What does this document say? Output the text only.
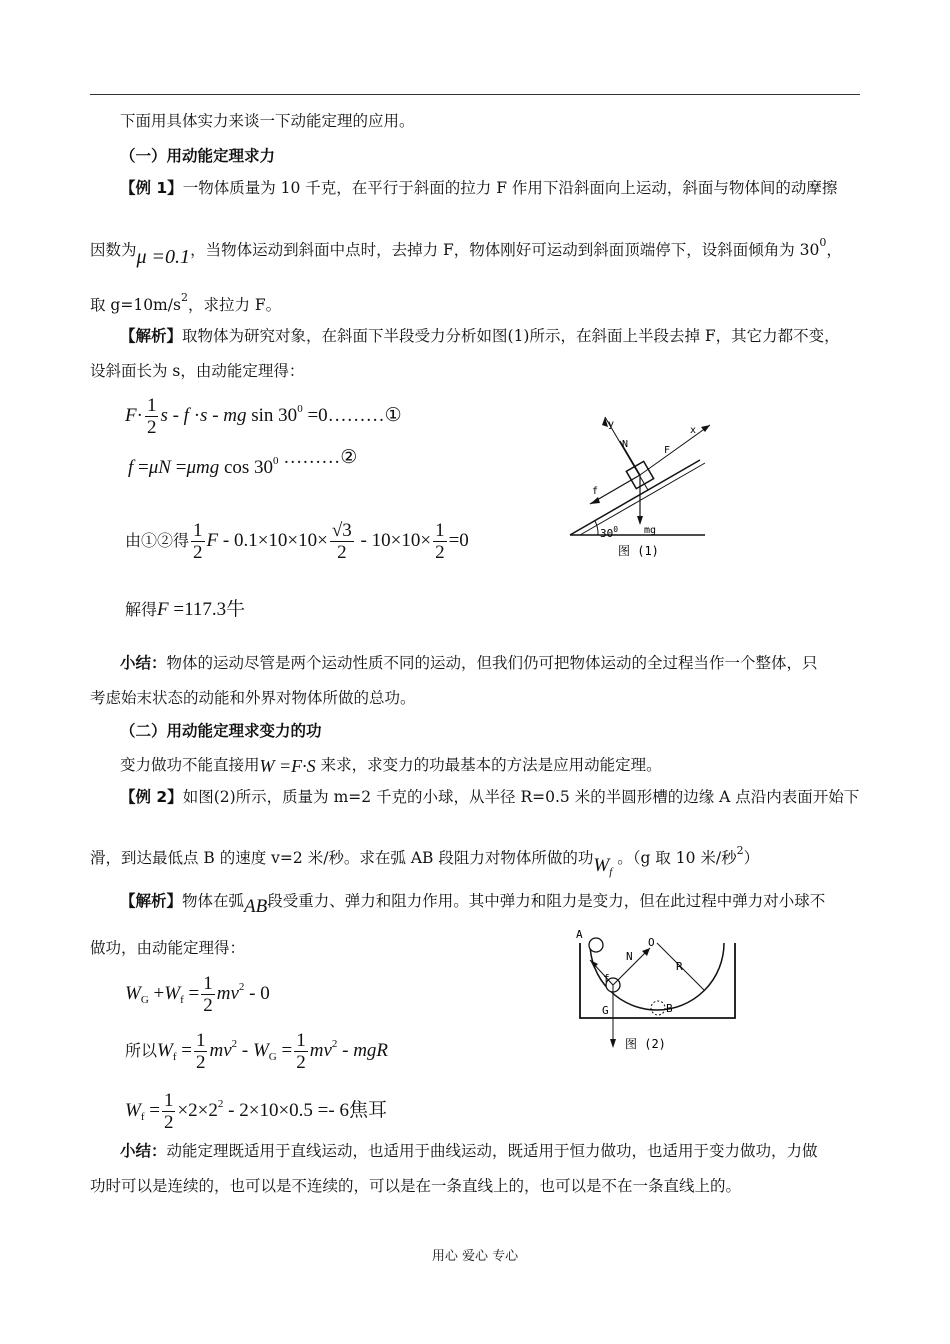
下面用具体实力来谈一下动能定理的应用。
（一）用动能定理求力
【例 1】一物体质量为 10 千克，在平行于斜面的拉力 F 作用下沿斜面向上运动，斜面与物体间的动摩擦
因数为μ =0.1，当物体运动到斜面中点时，去掉力 F，物体刚好可运动到斜面顶端停下，设斜面倾角为 $30^0$，
取 $g=10m/s^2$，求拉力 F。
【解析】取物体为研究对象，在斜面下半段受力分析如图(1)所示，在斜面上半段去掉 F，其它力都不变，
设斜面长为 s，由动能定理得：
$F\cdot \frac{1}{2}$ s - f ·s - mg $\sin 30^0$ =0………①
f =μN =μmg $\cos 30^0$ ………②
由①②得 $\frac{1}{2}$ $F - 0.1\times 10\times 10\times \frac{√3}{2} - 10\times 10\times \frac{1}{2} =0$
解得F =117.3牛
y
N
F
x
f
$30^0$	mg
图 (1)
小结：物体的运动尽管是两个运动性质不同的运动，但我们仍可把物体运动的全过程当作一个整体，只
考虑始末状态的动能和外界对物体所做的总功。
（二）用动能定理求变力的功
变力做功不能直接用W =F·S 来求，求变力的功最基本的方法是应用动能定理。
【例 2】如图(2)所示，质量为 m=2 千克的小球，从半径 R=0.5 米的半圆形槽的边缘 A 点沿内表面开始下
滑，到达最低点 B 的速度 v=2 米/秒。求在弧 AB 段阻力对物体所做的功$W_f$ 。（g 取 10 米/秒$^2$）
【解析】物体在弧AB段受重力、弹力和阻力作用。其中弹力和阻力是变力，但在此过程中弹力对小球不
做功，由动能定理得：
$W_G +W_f = \frac{1}{2} mv^2 - 0$
所以$W_f = \frac{1}{2} mv^2 - W_G = \frac{1}{2} mv^2$ - mgR
$W_f = \frac{1}{2} \times 2\times 2^2 - 2\times 10\times 0.5 =- 6$焦耳
A
O
N
R
f
B
G
图 (2)
小结：动能定理既适用于直线运动，也适用于曲线运动，既适用于恒力做功，也适用于变力做功，力做
功时可以是连续的，也可以是不连续的，可以是在一条直线上的，也可以是不在一条直线上的。
用心 爱心 专心
